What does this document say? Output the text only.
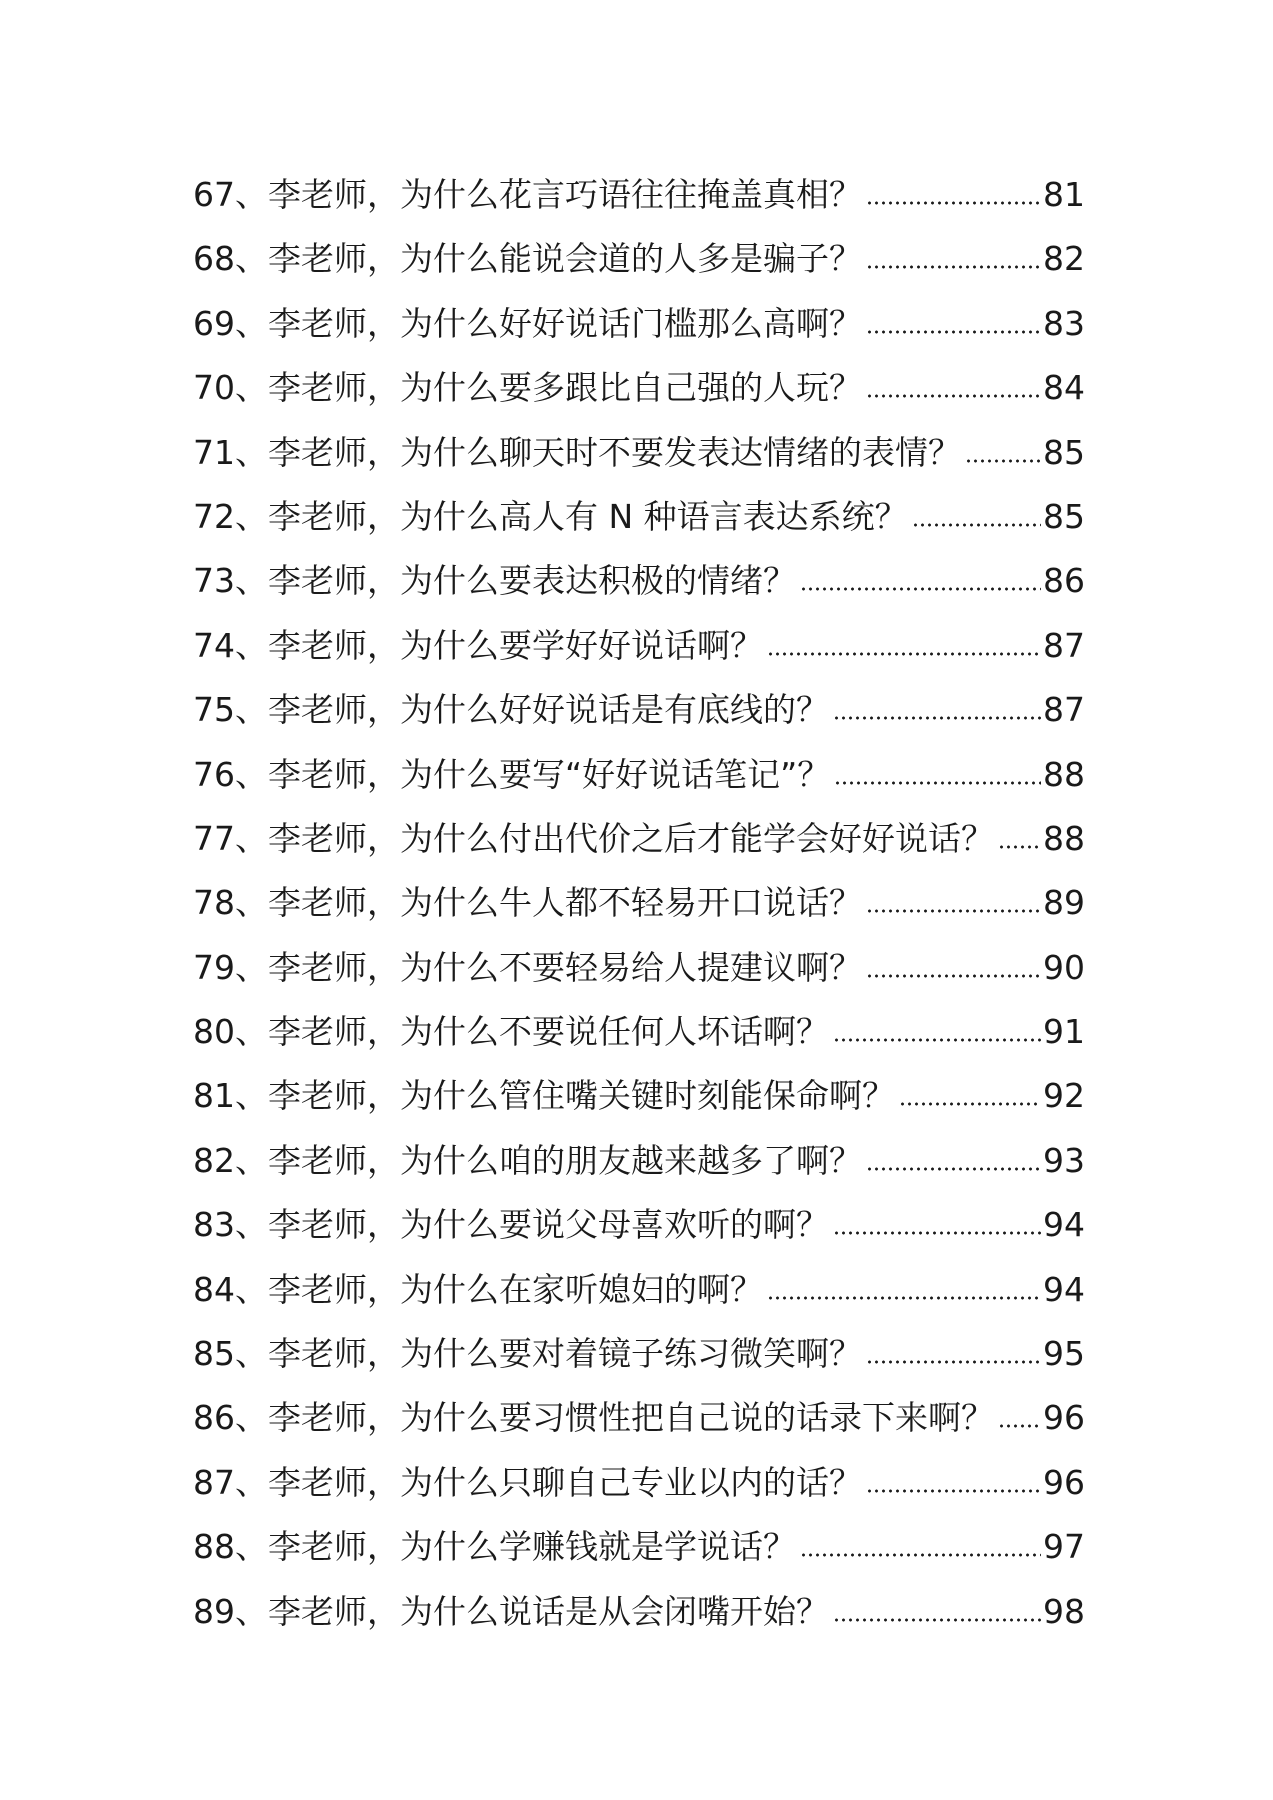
67 、李老师，为什么花言巧语往往掩盖真相？	81
68 、李老师，为什么能说会道的人多是骗子？	82
69 、李老师，为什么好好说话门槛那么高啊？	83
70 、李老师，为什么要多跟比自己强的人玩？	84
71 、李老师，为什么聊天时不要发表达情绪的表情？ 85
72 、李老师，为什么高人有 N 种语言表达系统？	85
73 、李老师，为什么要表达积极的情绪？	86
74 、李老师，为什么要学好好说话啊？	87
75 、李老师，为什么好好说话是有底线的？	87
76 、李老师，为什么要写“好好说话笔记”？	88
77 、李老师，为什么付出代价之后才能学会好好说话？ 88
78 、李老师，为什么牛人都不轻易开口说话？	89
79 、李老师，为什么不要轻易给人提建议啊？	90
80 、李老师，为什么不要说任何人坏话啊？	91
81 、李老师，为什么管住嘴关键时刻能保命啊？	92
82 、李老师，为什么咱的朋友越来越多了啊？	93
83 、李老师，为什么要说父母喜欢听的啊？	94
84 、李老师，为什么在家听媳妇的啊？	94
85 、李老师，为什么要对着镜子练习微笑啊？	95
86 、李老师，为什么要习惯性把自己说的话录下来啊？ 96
87 、李老师，为什么只聊自己专业以内的话？	96
88 、李老师，为什么学赚钱就是学说话？	97
89 、李老师，为什么说话是从会闭嘴开始？	98
